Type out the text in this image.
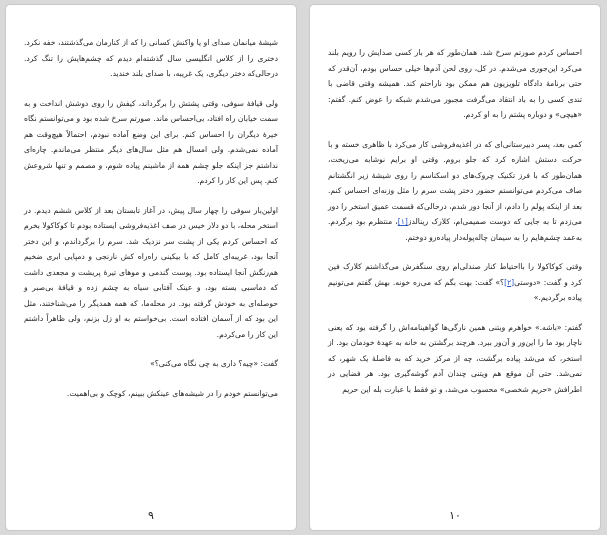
شیشهٔ میانمان صدای او یا واکنش کسانی را که از کنارمان می‌گذشتند، خفه نکرد. دختری را از کلاس انگلیسی سال گذشته‌ام دیدم که چشم‌هایش را تنگ کرد. درحالی‌که دختر دیگری، یک غریبه، با صدای بلند خندید.

ولی قیافهٔ سوفی، وقتی پشتش را برگرداند، کیفش را روی دوشش انداخت و به سمت خیابان راه افتاد، بی‌احساس ماند. صورتم سرخ شده بود و می‌توانستم نگاه خیرهٔ دیگران را احساس کنم. برای این وضع آماده نبودم، احتمالاً هیچ‌وقت هم آماده نمی‌شدم. ولی امسال هم مثل سال‌های دیگر منتظر می‌ماندم. چاره‌ای نداشتم جز اینکه جلو چشم همه از ماشینم پیاده شوم، و مصمم و تنها شروعش کنم. پس این کار را کردم.

اولین‌بار سوفی را چهار سال پیش، در آغاز تابستان بعد از کلاس ششم دیدم. در استخر محله، با دو دلار خیس در صف اغذیه‌فروشی ایستاده بودم تا کوکاکولا بخرم که احساس کردم یکی از پشت سر نزدیک شد. سرم را برگرداندم، و این دختر آنجا بود، غریبه‌ای کامل که با بیکینی راه‌راه کش نارنجی و دمپایی ابری ضخیم هم‌رنگش آنجا ایستاده بود. پوست گندمی و موهای تیرهٔ پریشت و مجعدی داشت که دماسبی بسته بود، و عینک آفتابی سیاه به چشم زده و قیافهٔ بی‌صبر و حوصله‌ای به خودش گرفته بود. در محله‌ما، که همه همدیگر را می‌شناختند، مثل این بود که از آسمان افتاده است. بی‌خواستم به او زل بزنم، ولی ظاهراً داشتم این کار را می‌کردم.

گفت: «چیه؟ داری به چی نگاه می‌کنی؟»

می‌توانستم خودم را در شیشه‌های عینکش ببینم، کوچک و بی‌اهمیت.

۹

احساس کردم صورتم سرخ شد. همان‌طور که هر بار کسی صدایش را رویم بلند می‌کرد این‌جوری می‌شدم. در کل، روی لحن آدم‌ها خیلی حساس بودم، آن‌قدر که حتی برنامهٔ دادگاه تلویزیون هم ممکن بود ناراحتم کند. همیشه وقتی قاضی با تندی کسی را به باد انتقاد می‌گرفت مجبور می‌شدم شبکه را عوض کنم. گفتم: «هیچی» و دوباره پشتم را به او کردم.

کمی بعد، پسر دبیرستانی‌ای که در اغذیه‌فروشی کار می‌کرد با ظاهری خسته و با حرکت دستش اشاره کرد که جلو بروم. وقتی او برایم نوشابه می‌ریخت، همان‌طور که با فرز تکنیک چروک‌های دو اسکناسم را روی شیشهٔ زیر انگشتانم صاف می‌کردم می‌توانستم حضور دختر پشت سرم را مثل وزنه‌ای احساس کنم. بعد از اینکه پولم را دادم، از آنجا دور شدم، درحالی‌که قسمت عمیق استخر را دور می‌زدم تا به جایی که دوست صمیمی‌ام، کلارک رینالدز[۱]، منتظرم بود برگردم. به‌عمد چشم‌هایم را به سیمان چاله‌پوله‌دار پیاده‌رو دوختم.

وقتی کوکاکولا را بااحتیاط کنار صندلی‌ام روی سنگفرش می‌گذاشتم کلارک فین کرد و گفت: «دوستی[۲]؟» گفت: بهت بگم که می‌ره خونه. بهش گفتم می‌تونیم پیاده برگردیم.»

گفتم: «باشه.» خواهرم ویتنی همین نارگی‌ها گواهینامه‌اش را گرفته بود که یعنی ناچار بود ما را این‌ور و آن‌ور ببرد. هرچند برگشتن به خانه به عهدهٔ خودمان بود. از استخر، که می‌شد پیاده برگشت، چه از مرکز خرید که به فاصلهٔ یک شهر، که نمی‌شد. حتی آن موقع هم ویتنی چندان آدم گوشه‌گیری بود. هر فضایی در اطرافش «حریم شخصی» محسوب می‌شد، و تو فقط با عبارت بله این حریم

۱۰
